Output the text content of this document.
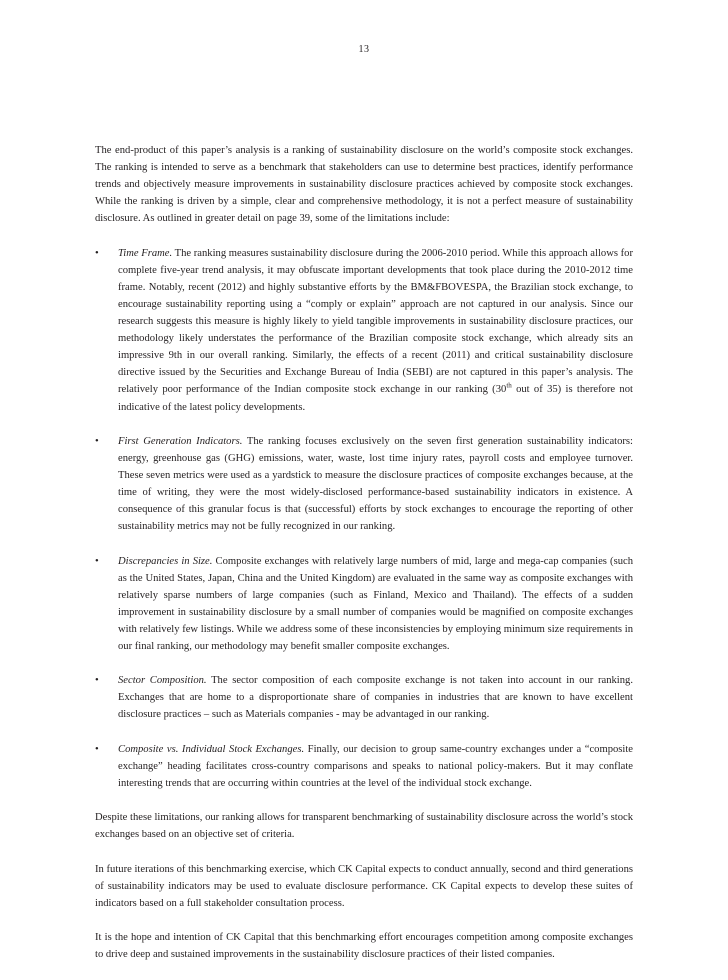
13

The end-product of this paper’s analysis is a ranking of sustainability disclosure on the world’s composite stock exchanges. The ranking is intended to serve as a benchmark that stakeholders can use to determine best practices, identify performance trends and objectively measure improvements in sustainability disclosure practices achieved by composite stock exchanges. While the ranking is driven by a simple, clear and comprehensive methodology, it is not a perfect measure of sustainability disclosure. As outlined in greater detail on page 39, some of the limitations include:

• Time Frame. The ranking measures sustainability disclosure during the 2006-2010 period. While this approach allows for complete five-year trend analysis, it may obfuscate important developments that took place during the 2010-2012 time frame. Notably, recent (2012) and highly substantive efforts by the BM&FBOVESPA, the Brazilian stock exchange, to encourage sustainability reporting using a “comply or explain” approach are not captured in our analysis. Since our research suggests this measure is highly likely to yield tangible improvements in sustainability disclosure practices, our methodology likely understates the performance of the Brazilian composite stock exchange, which already sits an impressive 9th in our overall ranking. Similarly, the effects of a recent (2011) and critical sustainability disclosure directive issued by the Securities and Exchange Bureau of India (SEBI) are not captured in this paper’s analysis. The relatively poor performance of the Indian composite stock exchange in our ranking (30th out of 35) is therefore not indicative of the latest policy developments.
• First Generation Indicators. The ranking focuses exclusively on the seven first generation sustainability indicators: energy, greenhouse gas (GHG) emissions, water, waste, lost time injury rates, payroll costs and employee turnover. These seven metrics were used as a yardstick to measure the disclosure practices of composite exchanges because, at the time of writing, they were the most widely-disclosed performance-based sustainability indicators in existence. A consequence of this granular focus is that (successful) efforts by stock exchanges to encourage the reporting of other sustainability metrics may not be fully recognized in our ranking.
• Discrepancies in Size. Composite exchanges with relatively large numbers of mid, large and mega-cap companies (such as the United States, Japan, China and the United Kingdom) are evaluated in the same way as composite exchanges with relatively sparse numbers of large companies (such as Finland, Mexico and Thailand). The effects of a sudden improvement in sustainability disclosure by a small number of companies would be magnified on composite exchanges with relatively few listings. While we address some of these inconsistencies by employing minimum size requirements in our final ranking, our methodology may benefit smaller composite exchanges.
• Sector Composition. The sector composition of each composite exchange is not taken into account in our ranking. Exchanges that are home to a disproportionate share of companies in industries that are known to have excellent disclosure practices – such as Materials companies - may be advantaged in our ranking.
• Composite vs. Individual Stock Exchanges. Finally, our decision to group same-country exchanges under a “composite exchange” heading facilitates cross-country comparisons and speaks to national policy-makers. But it may conflate interesting trends that are occurring within countries at the level of the individual stock exchange.

Despite these limitations, our ranking allows for transparent benchmarking of sustainability disclosure across the world’s stock exchanges based on an objective set of criteria.

In future iterations of this benchmarking exercise, which CK Capital expects to conduct annually, second and third generations of sustainability indicators may be used to evaluate disclosure performance. CK Capital expects to develop these suites of indicators based on a full stakeholder consultation process.

It is the hope and intention of CK Capital that this benchmarking effort encourages competition among composite exchanges to drive deep and sustained improvements in the sustainability disclosure practices of their listed companies.
